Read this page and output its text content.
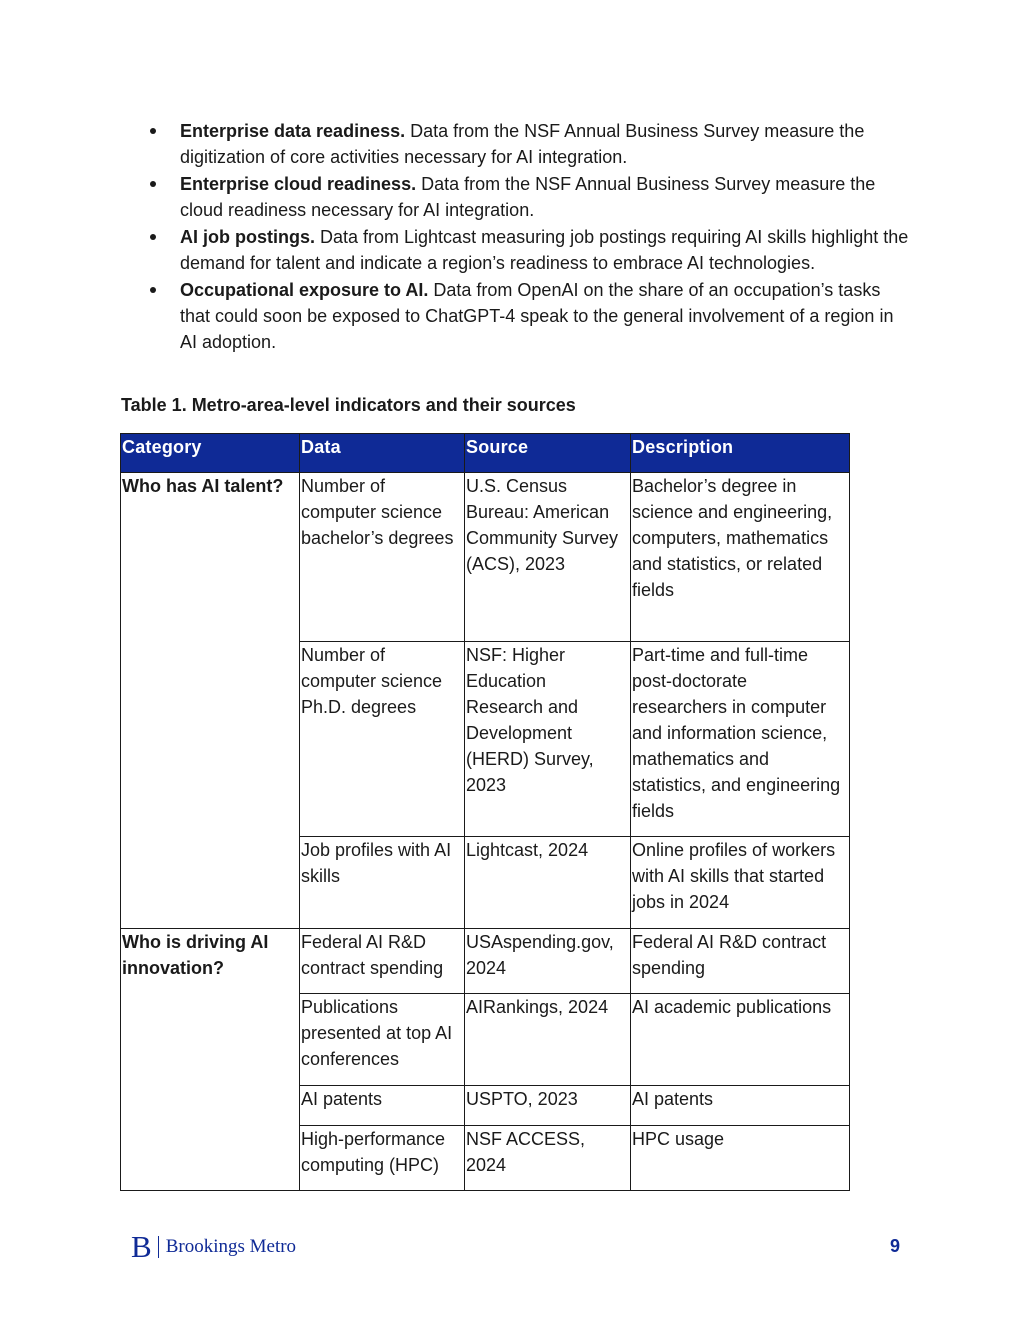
Enterprise data readiness. Data from the NSF Annual Business Survey measure the digitization of core activities necessary for AI integration.
Enterprise cloud readiness. Data from the NSF Annual Business Survey measure the cloud readiness necessary for AI integration.
AI job postings. Data from Lightcast measuring job postings requiring AI skills highlight the demand for talent and indicate a region’s readiness to embrace AI technologies.
Occupational exposure to AI. Data from OpenAI on the share of an occupation’s tasks that could soon be exposed to ChatGPT-4 speak to the general involvement of a region in AI adoption.
Table 1. Metro-area-level indicators and their sources
Category	Data	Source	Description
Who has AI talent?	Number of computer science bachelor’s degrees	U.S. Census Bureau: American Community Survey (ACS), 2023	Bachelor’s degree in science and engineering, computers, mathematics and statistics, or related fields
	Number of computer science Ph.D. degrees	NSF: Higher Education Research and Development (HERD) Survey, 2023	Part-time and full-time post-doctorate researchers in computer and information science, mathematics and statistics, and engineering fields
	Job profiles with AI skills	Lightcast, 2024	Online profiles of workers with AI skills that started jobs in 2024
Who is driving AI innovation?	Federal AI R&D contract spending	USAspending.gov, 2024	Federal AI R&D contract spending
	Publications presented at top AI conferences	AIRankings, 2024	AI academic publications
	AI patents	USPTO, 2023	AI patents
	High-performance computing (HPC)	NSF ACCESS, 2024	HPC usage
B Brookings Metro	9
